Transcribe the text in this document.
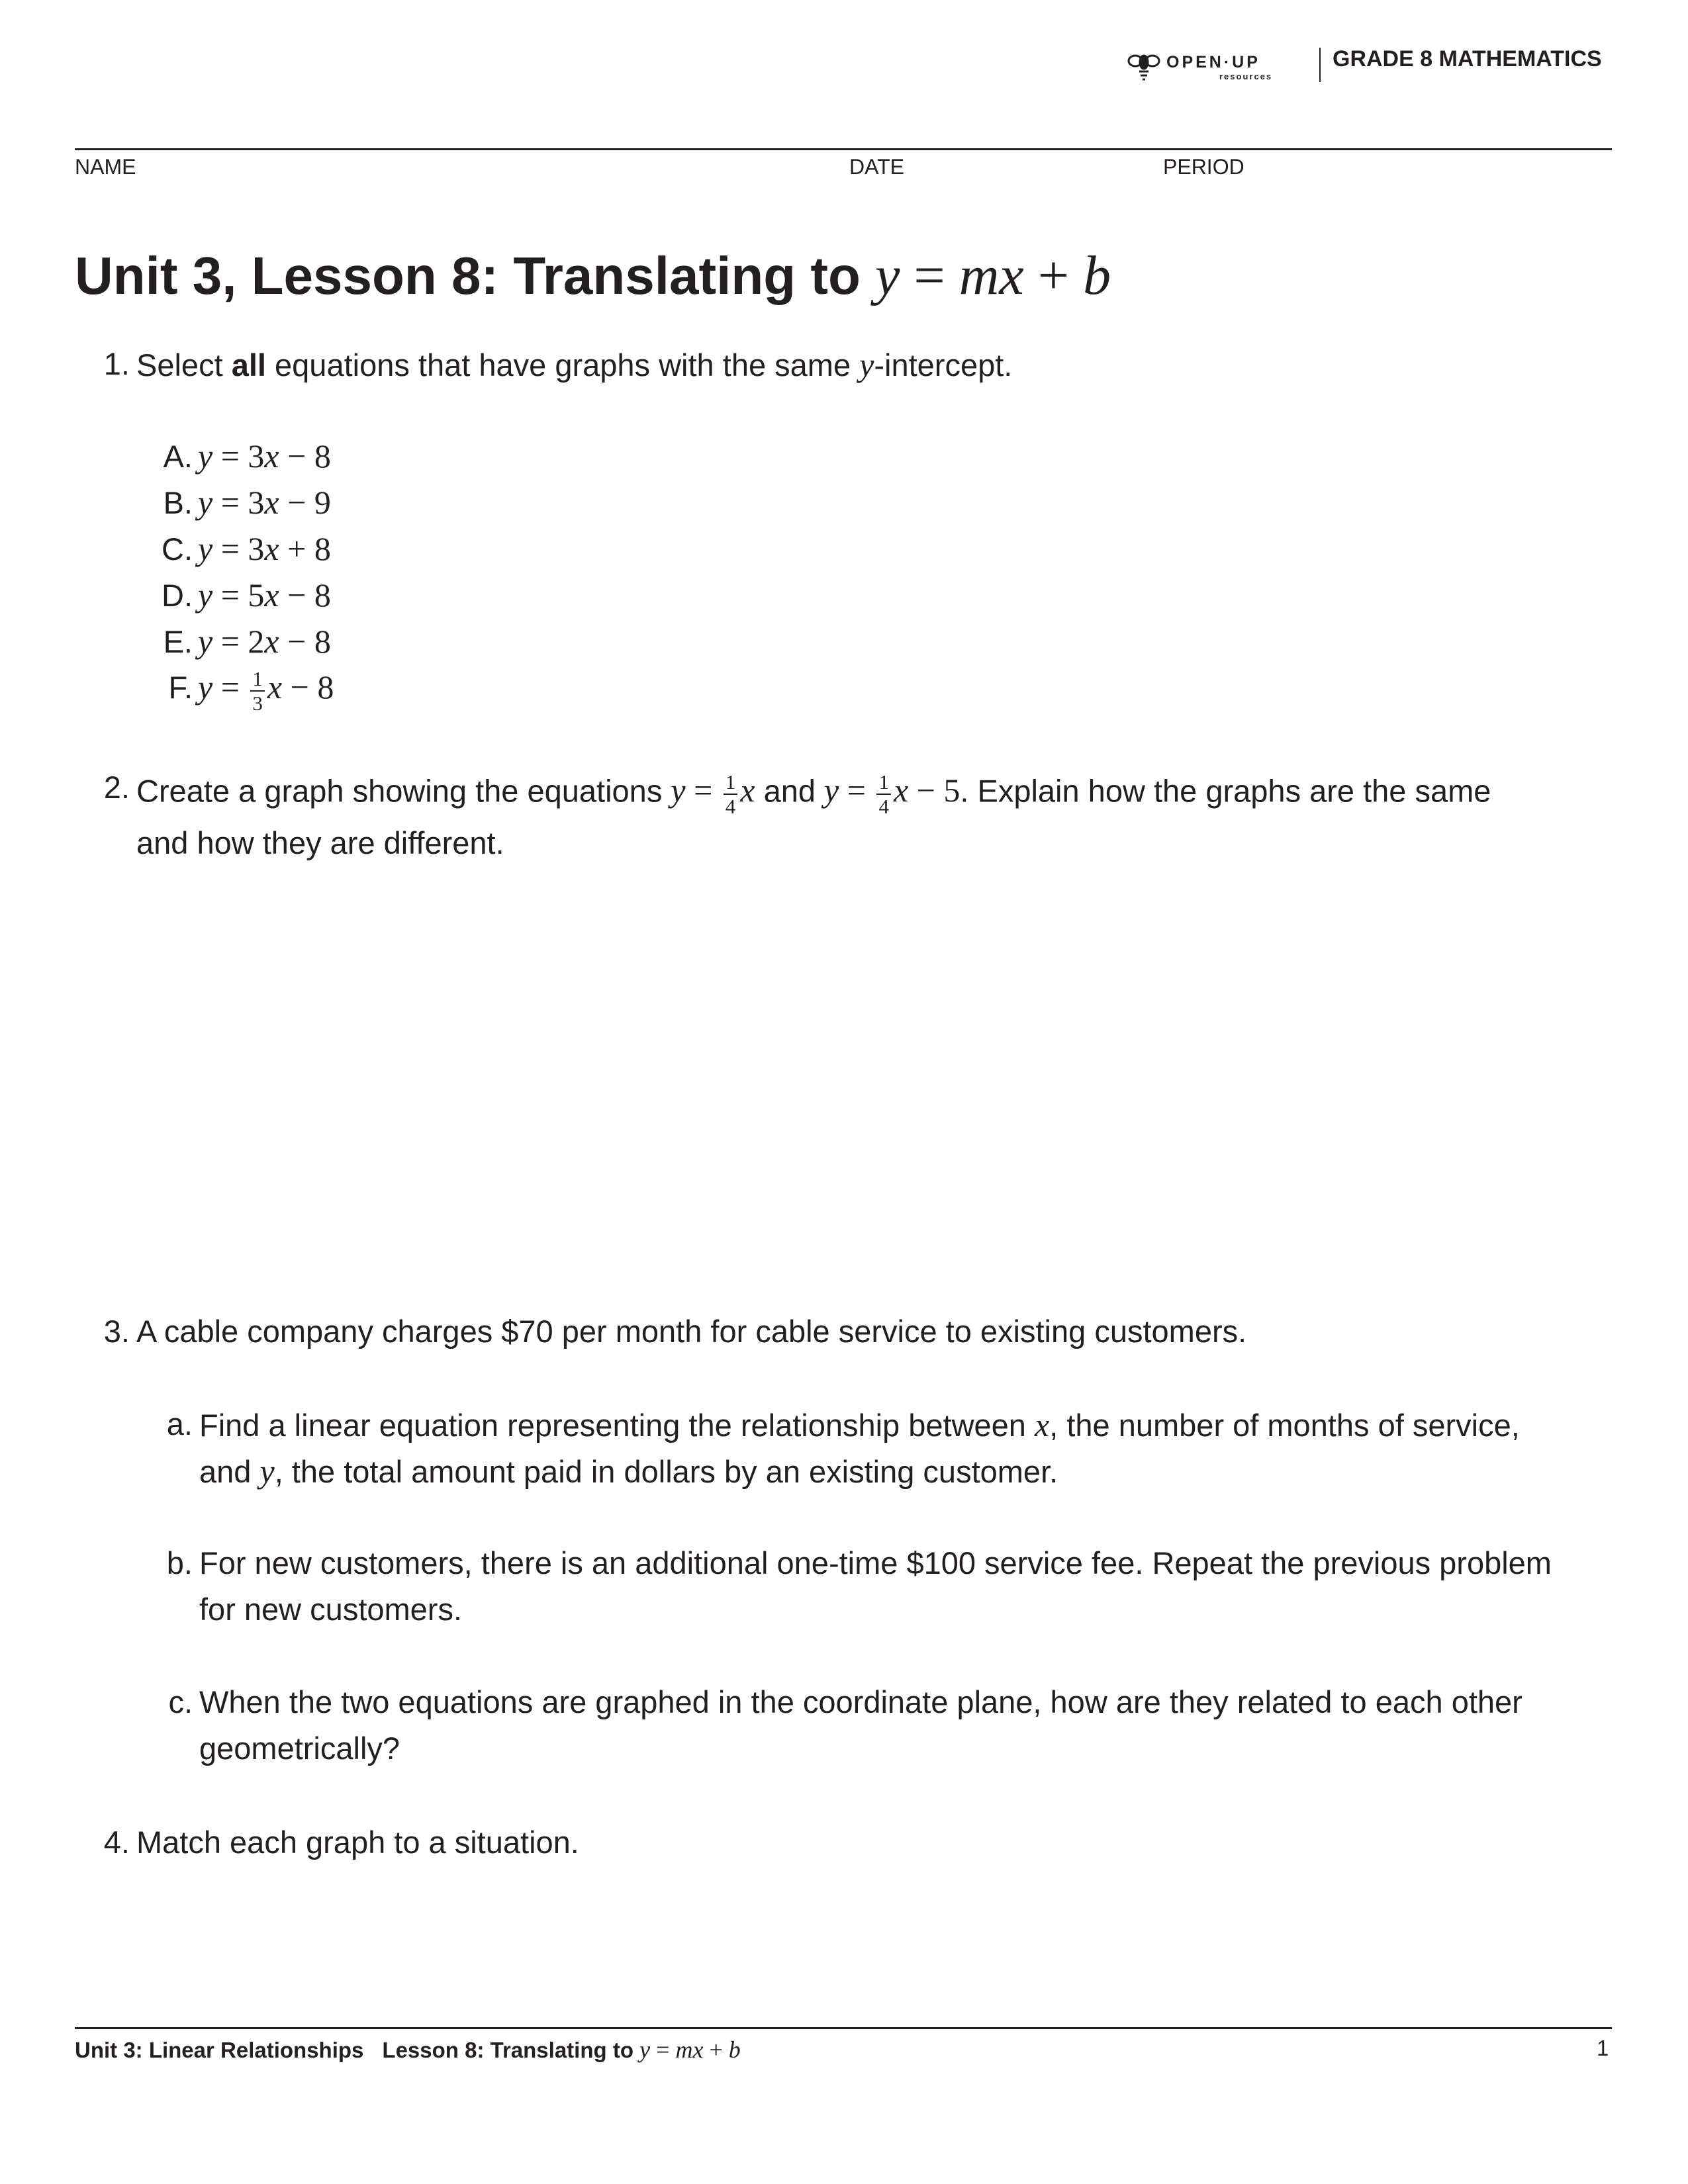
OPEN·UP
resources
GRADE 8 MATHEMATICS
NAME	DATE	PERIOD
Unit 3, Lesson 8: Translating to y = mx + b
1. Select all equations that have graphs with the same y-intercept.
A. y = 3x − 8
B. y = 3x − 9
C. y = 3x + 8
D. y = 5x − 8
E. y = 2x − 8
F. $y = \frac{1}{3}$ x − 8
2. Create a graph showing the equations $y = \frac{1}{4}$ x and $y = \frac{1}{4}$ x − 5. Explain how the graphs are the same
and how they are different.
3. A cable company charges $70 per month for cable service to existing customers.
a. Find a linear equation representing the relationship between x, the number of months of service,
and y, the total amount paid in dollars by an existing customer.
b. For new customers, there is an additional one-time $100 service fee. Repeat the previous problem
for new customers.
c. When the two equations are graphed in the coordinate plane, how are they related to each other
geometrically?
4. Match each graph to a situation.
Unit 3: Linear Relationships Lesson 8: Translating to y = mx + b	1
